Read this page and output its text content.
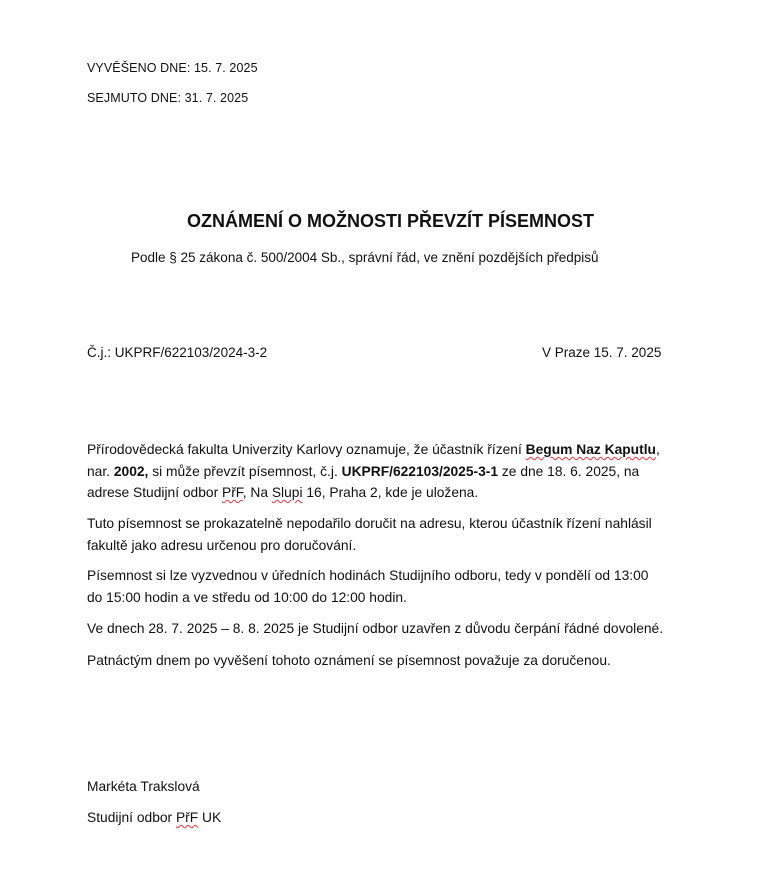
VYVĚŠENO DNE: 15. 7. 2025
SEJMUTO DNE: 31. 7. 2025
OZNÁMENÍ O MOŽNOSTI PŘEVZÍT PÍSEMNOST
Podle § 25 zákona č. 500/2004 Sb., správní řád, ve znění pozdějších předpisů
Č.j.: UKPRF/622103/2024-3-2	V Praze 15. 7. 2025
Přírodovědecká fakulta Univerzity Karlovy oznamuje, že účastník řízení Begum Naz Kaputlu,
nar. 2002, si může převzít písemnost, č.j. UKPRF/622103/2025-3-1 ze dne 18. 6. 2025, na
adrese Studijní odbor PřF, Na Slupi 16, Praha 2, kde je uložena.
Tuto písemnost se prokazatelně nepodařilo doručit na adresu, kterou účastník řízení nahlásil
fakultě jako adresu určenou pro doručování.
Písemnost si lze vyzvednou v úředních hodinách Studijního odboru, tedy v pondělí od 13:00
do 15:00 hodin a ve středu od 10:00 do 12:00 hodin.
Ve dnech 28. 7. 2025 – 8. 8. 2025 je Studijní odbor uzavřen z důvodu čerpání řádné dovolené.
Patnáctým dnem po vyvěšení tohoto oznámení se písemnost považuje za doručenou.
Markéta Trakslová
Studijní odbor PřF UK
